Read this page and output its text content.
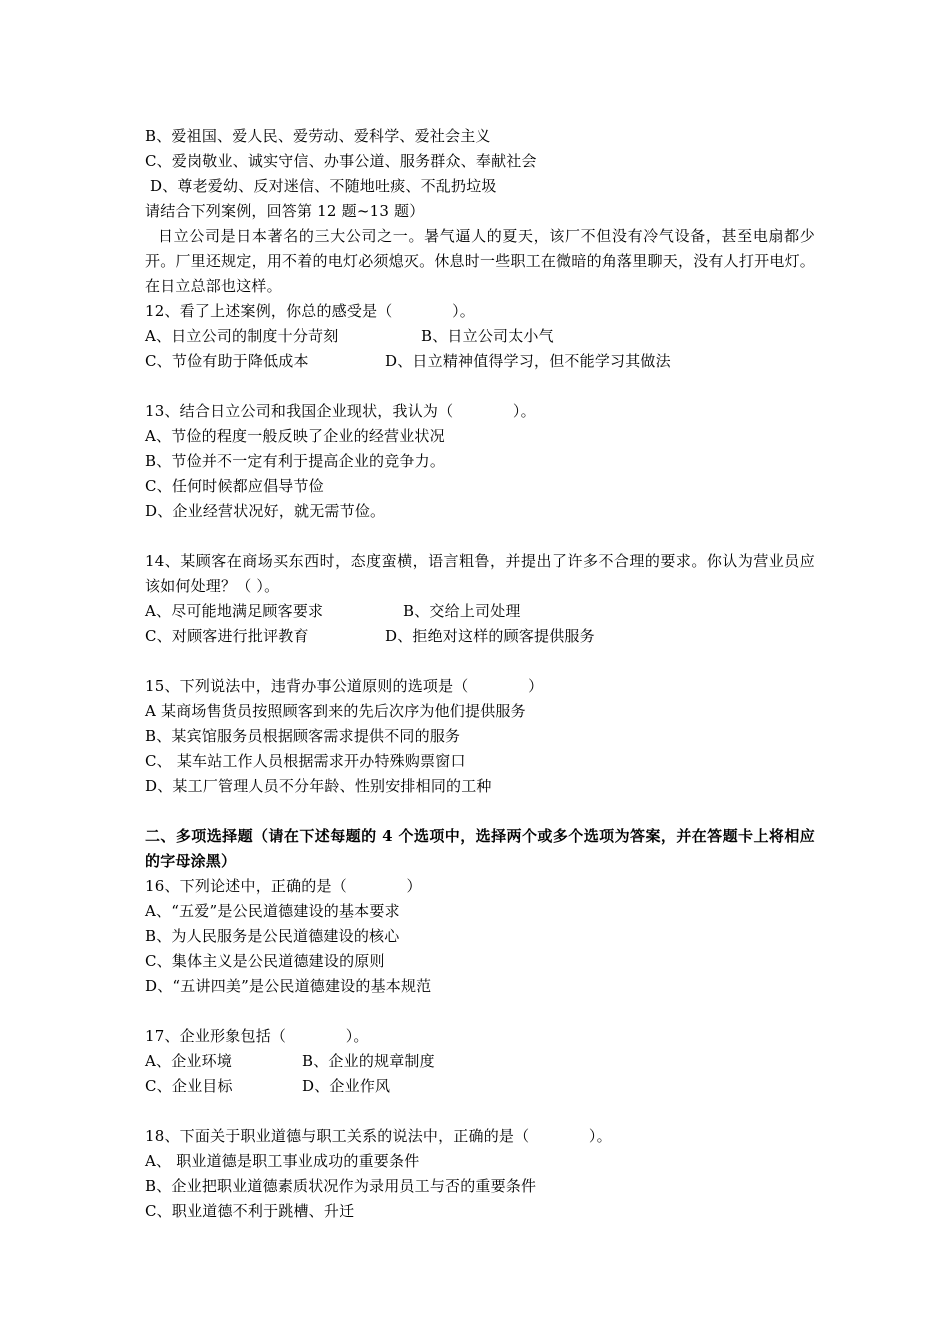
B、爱祖国、爱人民、爱劳动、爱科学、爱社会主义
C、爱岗敬业、诚实守信、办事公道、服务群众、奉献社会
D、尊老爱幼、反对迷信、不随地吐痰、不乱扔垃圾
请结合下列案例，回答第 12 题~13 题）
日立公司是日本著名的三大公司之一。暑气逼人的夏天，该厂不但没有冷气设备，甚至电扇都少开。厂里还规定，用不着的电灯必须熄灭。休息时一些职工在微暗的角落里聊天，没有人打开电灯。在日立总部也这样。
12、看了上述案例，你总的感受是（            ）。
A、日立公司的制度十分苛刻	B、日立公司太小气
C、节俭有助于降低成本	D、日立精神值得学习，但不能学习其做法
13、结合日立公司和我国企业现状，我认为（            ）。
A、节俭的程度一般反映了企业的经营业状况
B、节俭并不一定有利于提高企业的竞争力。
C、任何时候都应倡导节俭
D、企业经营状况好，就无需节俭。
14、某顾客在商场买东西时，态度蛮横，语言粗鲁，并提出了许多不合理的要求。你认为营业员应该如何处理？（ ）。
A、尽可能地满足顾客要求	B、交给上司处理
C、对顾客进行批评教育	D、拒绝对这样的顾客提供服务
15、下列说法中，违背办事公道原则的选项是（            ）
A 某商场售货员按照顾客到来的先后次序为他们提供服务
B、某宾馆服务员根据顾客需求提供不同的服务
C、 某车站工作人员根据需求开办特殊购票窗口
D、某工厂管理人员不分年龄、性别安排相同的工种
二、多项选择题（请在下述每题的 4 个选项中，选择两个或多个选项为答案，并在答题卡上将相应的字母涂黑）
16、下列论述中，正确的是（            ）
A、“五爱”是公民道德建设的基本要求
B、为人民服务是公民道德建设的核心
C、集体主义是公民道德建设的原则
D、“五讲四美”是公民道德建设的基本规范
17、企业形象包括（            ）。
A、企业环境	B、企业的规章制度
C、企业目标	D、企业作风
18、下面关于职业道德与职工关系的说法中，正确的是（            ）。
A、 职业道德是职工事业成功的重要条件
B、企业把职业道德素质状况作为录用员工与否的重要条件
C、职业道德不利于跳槽、升迁
